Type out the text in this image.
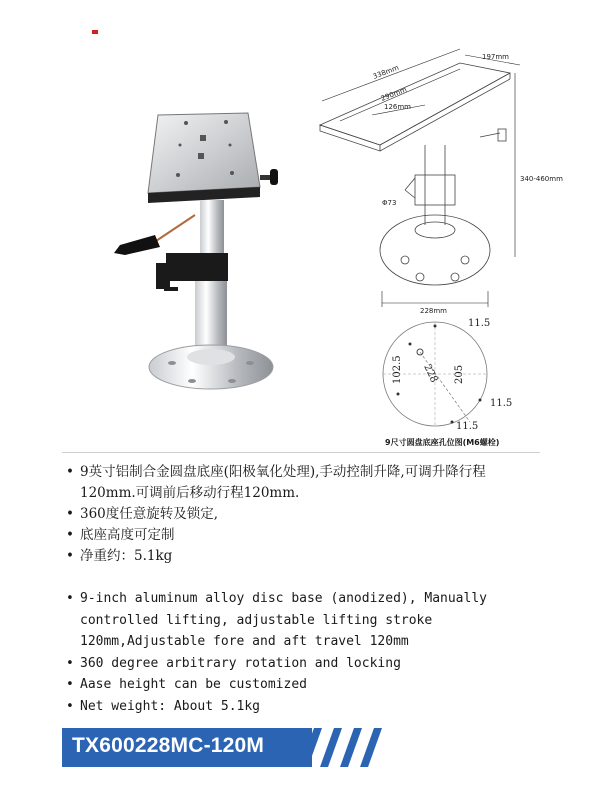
338mm
290mm
197mm
126mm
340-460mm
Φ73
228mm
11.5
102.5 228 205
11.5
11.5
9尺寸圆盘底座孔位图(M6螺栓)
• 9英寸铝制合金圆盘底座(阳极氧化处理),手动控制升降,可调升降行程120mm.可调前后移动行程120mm.
• 360度任意旋转及锁定,
• 底座高度可定制
• 净重约：5.1kg
• 9-inch aluminum alloy disc base (anodized), Manually controlled lifting, adjustable lifting stroke 120mm,Adjustable fore and aft travel 120mm
• 360 degree arbitrary rotation and locking
• Aase height can be customized
• Net weight: About 5.1kg
TX600228MC-120M
